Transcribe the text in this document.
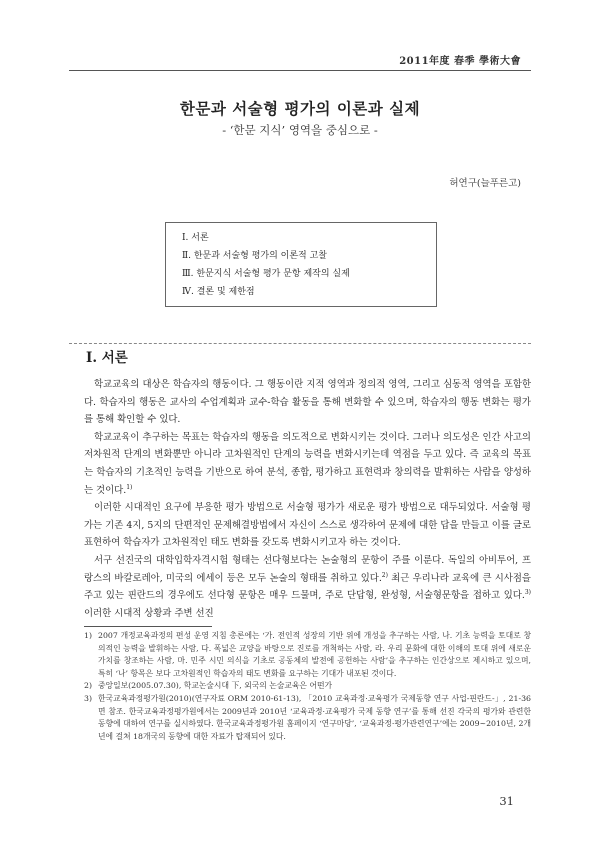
2011年度 春季 學術大會
한문과 서술형 평가의 이론과 실제
- ‘한문 지식’ 영역을 중심으로 -
허연구(늘푸른고)
Ⅰ. 서론
Ⅱ. 한문과 서술형 평가의 이론적 고찰
Ⅲ. 한문지식 서술형 평가 문항 제작의 실제
Ⅳ. 결론 및 제한점
Ⅰ. 서론

학교교육의 대상은 학습자의 행동이다. 그 행동이란 지적 영역과 정의적 영역, 그리고 심동적 영역을 포함한다. 학습자의 행동은 교사의 수업계획과 교수-학습 활동을 통해 변화할 수 있으며, 학습자의 행동 변화는 평가를 통해 확인할 수 있다.

학교교육이 추구하는 목표는 학습자의 행동을 의도적으로 변화시키는 것이다. 그러나 의도성은 인간 사고의 저차원적 단계의 변화뿐만 아니라 고차원적인 단계의 능력을 변화시키는데 역점을 두고 있다. 즉 교육의 목표는 학습자의 기초적인 능력을 기반으로 하여 분석, 종합, 평가하고 표현력과 창의력을 발휘하는 사람을 양성하는 것이다.$^{1)}$

이러한 시대적인 요구에 부응한 평가 방법으로 서술형 평가가 새로운 평가 방법으로 대두되었다. 서술형 평가는 기존 4지, 5지의 단편적인 문제해결방법에서 자신이 스스로 생각하여 문제에 대한 답을 만들고 이를 글로 표현하여 학습자가 고차원적인 태도 변화를 갖도록 변화시키고자 하는 것이다.

서구 선진국의 대학입학자격시험 형태는 선다형보다는 논술형의 문항이 주를 이룬다. 독일의 아비투어, 프랑스의 바칼로레아, 미국의 에세이 등은 모두 논술의 형태를 취하고 있다.$^{2)}$ 최근 우리나라 교육에 큰 시사점을 주고 있는 핀란드의 경우에도 선다형 문항은 매우 드물며, 주로 단답형, 완성형, 서술형문항을 접하고 있다.$^{3)}$ 이러한 시대적 상황과 주변 선진

1) 2007 개정교육과정의 편성 운영 지침 총론에는 ‘가. 전인적 성장의 기반 위에 개성을 추구하는 사람, 나. 기초 능력을 토대로 창의적인 능력을 발휘하는 사람, 다. 폭넓은 교양을 바탕으로 진로를 개척하는 사람, 라. 우리 문화에 대한 이해의 토대 위에 새로운 가치를 창조하는 사람, 마. 민주 시민 의식을 기초로 공동체의 발전에 공헌하는 사람’을 추구하는 인간상으로 제시하고 있으며, 특히 ‘나’ 항목은 보다 고차원적인 학습자의 태도 변화를 요구하는 기대가 내포된 것이다.
2) 중앙일보(2005.07.30), 학교논술시대 下, 외국의 논술교육은 어떤가
3) 한국교육과정평가원(2010)(연구자료 ORM 2010-61-13), 「2010 교육과정·교육평가 국제동향 연구 사업-핀란드-」, 21-36면 참조. 한국교육과정평가원에서는 2009년과 2010년 ‘교육과정·교육평가 국제 동향 연구’를 통해 선진 각국의 평가와 관련한 동향에 대하여 연구를 실시하였다. 한국교육과정평가원 홈페이지 ‘연구마당’, ‘교육과정·평가관련연구’에는 2009~2010년, 2개년에 걸쳐 18개국의 동향에 대한 자료가 탑재되어 있다.
31
